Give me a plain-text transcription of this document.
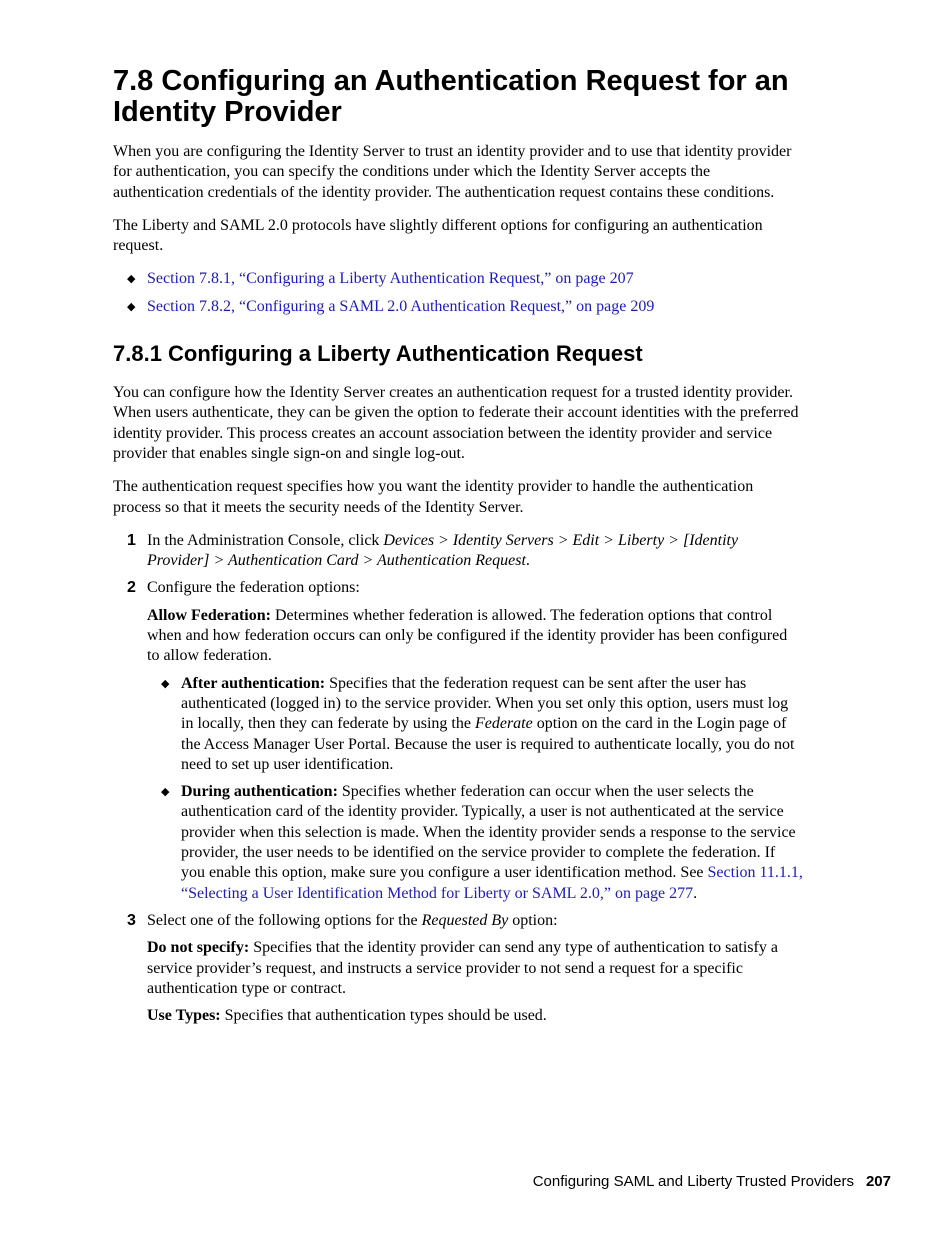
7.8 Configuring an Authentication Request for an Identity Provider

When you are configuring the Identity Server to trust an identity provider and to use that identity provider for authentication, you can specify the conditions under which the Identity Server accepts the authentication credentials of the identity provider. The authentication request contains these conditions.

The Liberty and SAML 2.0 protocols have slightly different options for configuring an authentication request.

◆ Section 7.8.1, “Configuring a Liberty Authentication Request,” on page 207
◆ Section 7.8.2, “Configuring a SAML 2.0 Authentication Request,” on page 209
7.8.1 Configuring a Liberty Authentication Request

You can configure how the Identity Server creates an authentication request for a trusted identity provider. When users authenticate, they can be given the option to federate their account identities with the preferred identity provider. This process creates an account association between the identity provider and service provider that enables single sign-on and single log-out.

The authentication request specifies how you want the identity provider to handle the authentication process so that it meets the security needs of the Identity Server.

1 In the Administration Console, click Devices > Identity Servers > Edit > Liberty > [Identity Provider] > Authentication Card > Authentication Request.

2 Configure the federation options:

Allow Federation: Determines whether federation is allowed. The federation options that control when and how federation occurs can only be configured if the identity provider has been configured to allow federation.

◆ After authentication: Specifies that the federation request can be sent after the user has authenticated (logged in) to the service provider. When you set only this option, users must log in locally, then they can federate by using the Federate option on the card in the Login page of the Access Manager User Portal. Because the user is required to authenticate locally, you do not need to set up user identification.
◆ During authentication: Specifies whether federation can occur when the user selects the authentication card of the identity provider. Typically, a user is not authenticated at the service provider when this selection is made. When the identity provider sends a response to the service provider, the user needs to be identified on the service provider to complete the federation. If you enable this option, make sure you configure a user identification method. See Section 11.1.1, “Selecting a User Identification Method for Liberty or SAML 2.0,” on page 277.
3 Select one of the following options for the Requested By option:

Do not specify: Specifies that the identity provider can send any type of authentication to satisfy a service provider’s request, and instructs a service provider to not send a request for a specific authentication type or contract.

Use Types: Specifies that authentication types should be used.

Configuring SAML and Liberty Trusted Providers 207
